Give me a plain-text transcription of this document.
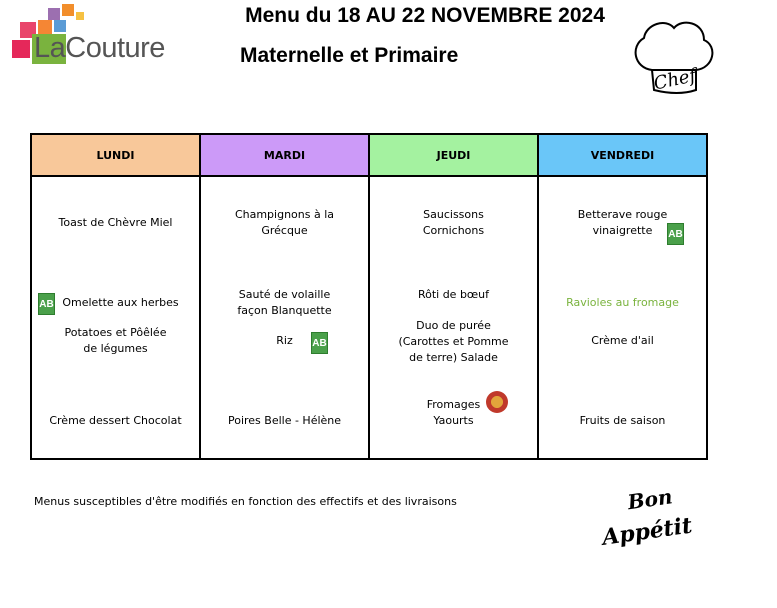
LaCouture
Menu du 18 AU 22 NOVEMBRE 2024
Maternelle et Primaire
Chef
LUNDI
Toast de Chèvre Miel
AB Omelette aux herbes
Potatoes et Pôêlée de légumes
Crème dessert Chocolat
MARDI
Champignons à la Grécque
Sauté de volaille façon Blanquette
Riz	AB
Poires Belle - Hélène
JEUDI
Saucissons Cornichons
Rôti de bœuf
Duo de purée (Carottes et Pomme de terre) Salade
Fromages Yaourts
VENDREDI
Betterave rouge vinaigrette	AB
Ravioles au fromage
Crème d'ail
Fruits de saison
Menus susceptibles d'être modifiés en fonction des effectifs et des livraisons	Bon
Appétit
